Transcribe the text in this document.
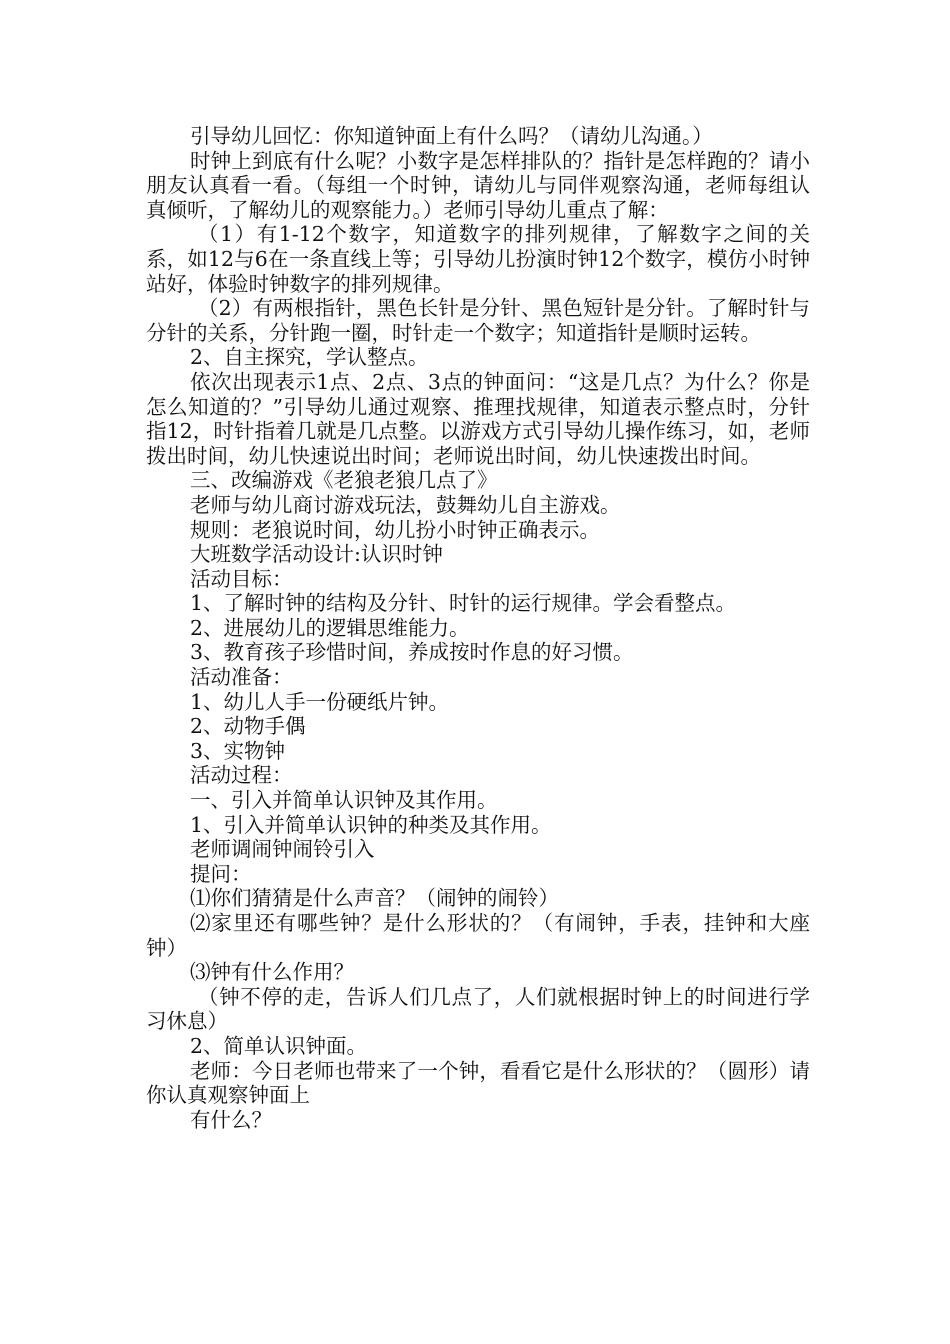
引导幼儿回忆：你知道钟面上有什么吗？（请幼儿沟通。）

时钟上到底有什么呢？小数字是怎样排队的？指针是怎样跑的？请小朋友认真看一看。（每组一个时钟，请幼儿与同伴观察沟通，老师每组认真倾听，了解幼儿的观察能力。）老师引导幼儿重点了解：

（1）有1-12个数字，知道数字的排列规律，了解数字之间的关系，如12与6在一条直线上等；引导幼儿扮演时钟12个数字，模仿小时钟站好，体验时钟数字的排列规律。

（2）有两根指针，黑色长针是分针、黑色短针是分针。了解时针与分针的关系，分针跑一圈，时针走一个数字；知道指针是顺时运转。

2、自主探究，学认整点。

依次出现表示1点、2点、3点的钟面问：“这是几点？为什么？你是怎么知道的？”引导幼儿通过观察、推理找规律，知道表示整点时，分针指12，时针指着几就是几点整。以游戏方式引导幼儿操作练习，如，老师拨出时间，幼儿快速说出时间；老师说出时间，幼儿快速拨出时间。

三、改编游戏《老狼老狼几点了》

老师与幼儿商讨游戏玩法，鼓舞幼儿自主游戏。

规则：老狼说时间，幼儿扮小时钟正确表示。

大班数学活动设计:认识时钟

活动目标：

1、了解时钟的结构及分针、时针的运行规律。学会看整点。

2、进展幼儿的逻辑思维能力。

3、教育孩子珍惜时间，养成按时作息的好习惯。

活动准备：

1、幼儿人手一份硬纸片钟。

2、动物手偶

3、实物钟

活动过程：

一、引入并简单认识钟及其作用。

1、引入并简单认识钟的种类及其作用。

老师调闹钟闹铃引入

提问：

⑴你们猜猜是什么声音？（闹钟的闹铃）

⑵家里还有哪些钟？是什么形状的？（有闹钟，手表，挂钟和大座钟）

⑶钟有什么作用？

（钟不停的走，告诉人们几点了，人们就根据时钟上的时间进行学习休息）

2、简单认识钟面。

老师：今日老师也带来了一个钟，看看它是什么形状的？（圆形）请你认真观察钟面上

有什么？
